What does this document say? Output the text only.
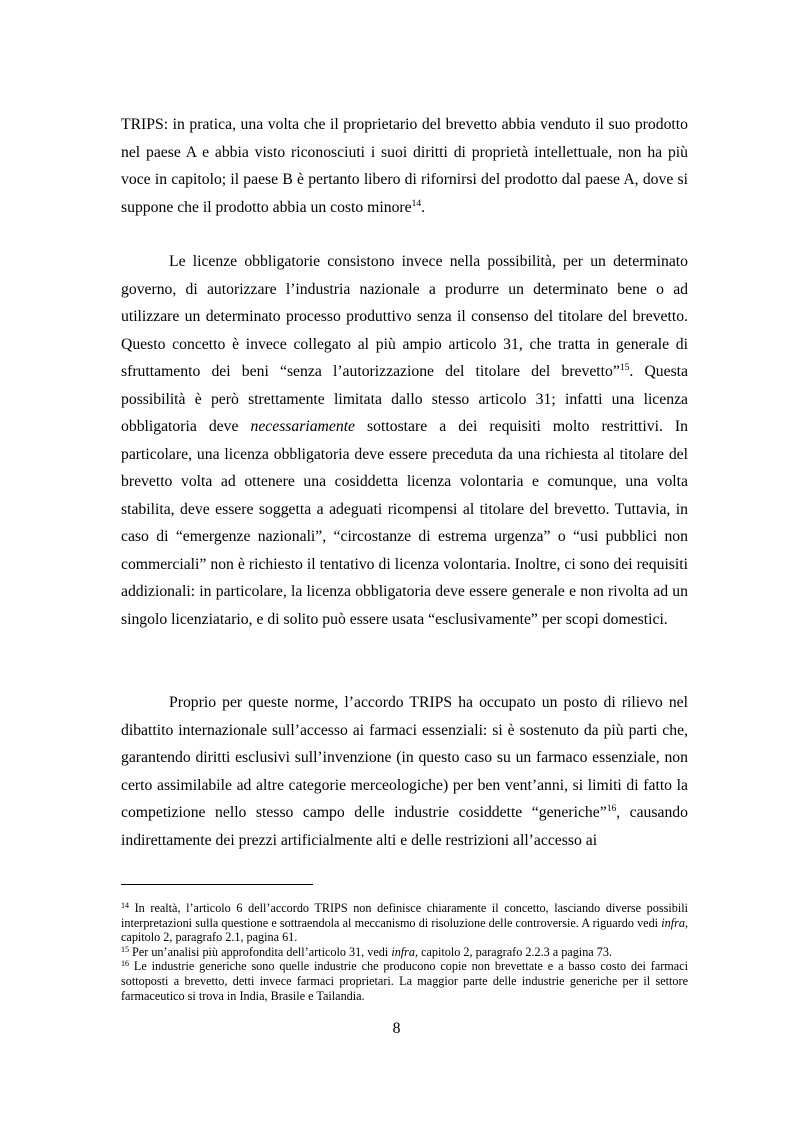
TRIPS: in pratica, una volta che il proprietario del brevetto abbia venduto il suo prodotto nel paese A e abbia visto riconosciuti i suoi diritti di proprietà intellettuale, non ha più voce in capitolo; il paese B è pertanto libero di rifornirsi del prodotto dal paese A, dove si suppone che il prodotto abbia un costo minore$^{14}$.

Le licenze obbligatorie consistono invece nella possibilità, per un determinato governo, di autorizzare l’industria nazionale a produrre un determinato bene o ad utilizzare un determinato processo produttivo senza il consenso del titolare del brevetto. Questo concetto è invece collegato al più ampio articolo 31, che tratta in generale di sfruttamento dei beni “senza l’autorizzazione del titolare del brevetto”$^{15}$. Questa possibilità è però strettamente limitata dallo stesso articolo 31; infatti una licenza obbligatoria deve necessariamente sottostare a dei requisiti molto restrittivi. In particolare, una licenza obbligatoria deve essere preceduta da una richiesta al titolare del brevetto volta ad ottenere una cosiddetta licenza volontaria e comunque, una volta stabilita, deve essere soggetta a adeguati ricompensi al titolare del brevetto. Tuttavia, in caso di “emergenze nazionali”, “circostanze di estrema urgenza” o “usi pubblici non commerciali” non è richiesto il tentativo di licenza volontaria. Inoltre, ci sono dei requisiti addizionali: in particolare, la licenza obbligatoria deve essere generale e non rivolta ad un singolo licenziatario, e di solito può essere usata “esclusivamente” per scopi domestici.

Proprio per queste norme, l’accordo TRIPS ha occupato un posto di rilievo nel dibattito internazionale sull’accesso ai farmaci essenziali: si è sostenuto da più parti che, garantendo diritti esclusivi sull’invenzione (in questo caso su un farmaco essenziale, non certo assimilabile ad altre categorie merceologiche) per ben vent’anni, si limiti di fatto la competizione nello stesso campo delle industrie cosiddette “generiche”$^{16}$, causando indirettamente dei prezzi artificialmente alti e delle restrizioni all’accesso ai

$^{14}$ In realtà, l’articolo 6 dell’accordo TRIPS non definisce chiaramente il concetto, lasciando diverse possibili interpretazioni sulla questione e sottraendola al meccanismo di risoluzione delle controversie. A riguardo vedi infra, capitolo 2, paragrafo 2.1, pagina 61.

$^{15}$ Per un’analisi più approfondita dell’articolo 31, vedi infra, capitolo 2, paragrafo 2.2.3 a pagina 73.

$^{16}$ Le industrie generiche sono quelle industrie che producono copie non brevettate e a basso costo dei farmaci sottoposti a brevetto, detti invece farmaci proprietari. La maggior parte delle industrie generiche per il settore farmaceutico si trova in India, Brasile e Tailandia.

8
